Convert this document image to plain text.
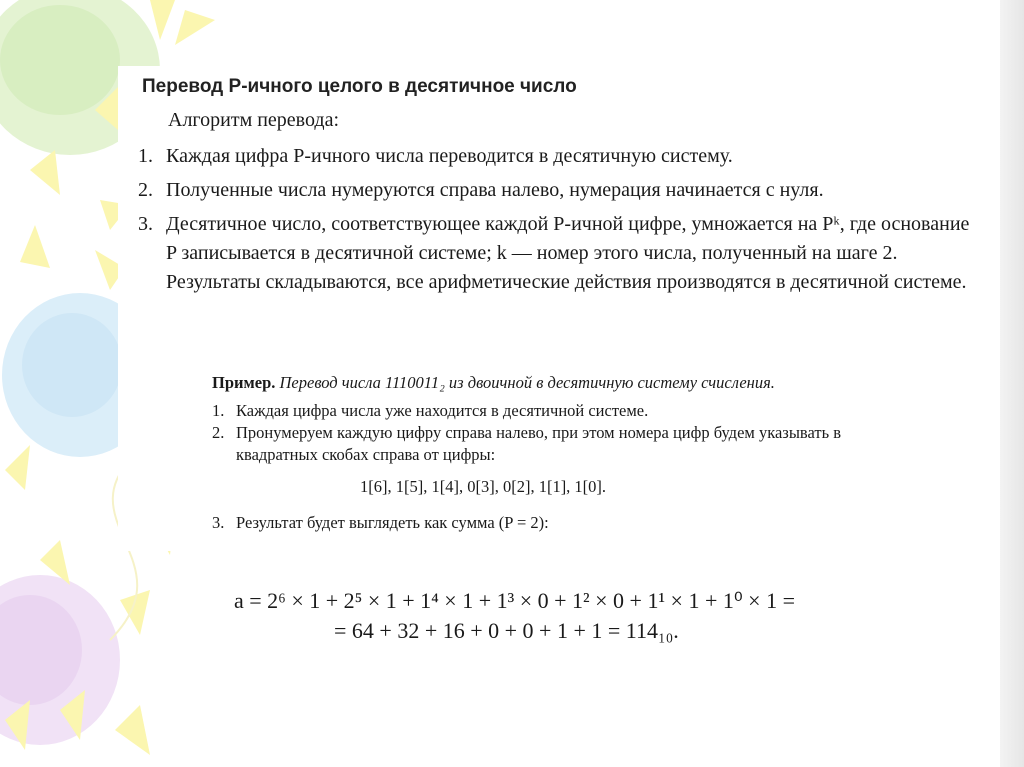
Перевод P-ичного целого в десятичное число

Алгоритм перевода:

1. Каждая цифра P-ичного числа переводится в десятичную систему.
2. Полученные числа нумеруются справа налево, нумерация начинается с нуля.
3. Десятичное число, соответствующее каждой P-ичной цифре, умножается на Pᵏ, где основание P записывается в десятичной системе; k — номер этого числа, полученный на шаге 2. Результаты складываются, все арифметические действия производятся в десятичной системе.

Пример. Перевод числа 1110011₂ из двоичной в десятичную систему счисления.

1. Каждая цифра числа уже находится в десятичной системе.
2. Пронумеруем каждую цифру справа налево, при этом номера цифр будем указывать в квадратных скобах справа от цифры:
1[6], 1[5], 1[4], 0[3], 0[2], 1[1], 1[0].
3. Результат будет выглядеть как сумма (P = 2):
a = 2⁶ × 1 + 2⁵ × 1 + 1⁴ × 1 + 1³ × 0 + 1² × 0 + 1¹ × 1 + 1⁰ × 1 =
= 64 + 32 + 16 + 0 + 0 + 1 + 1 = 114₁₀.
